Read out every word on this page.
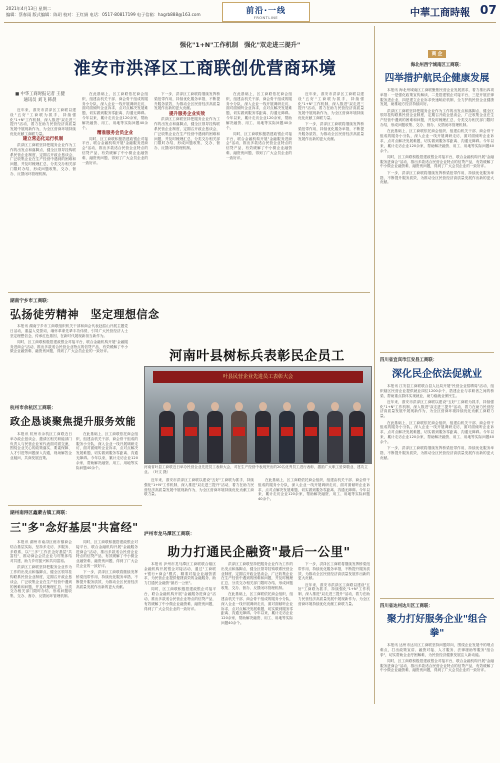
2021年4月13日 星期二
编辑：蔡春雨 版式编辑：陈玥 校对：王红娟 电话：0517-80817199 电子信箱：hagrb888@163.com	前沿·一线
FRONTLINE	中華工商時報 07
强化"1+N"工作机制　强化"双走进三提升"
淮安市洪泽区工商联创优营商环境
■ 中华工商时报记者 王健
通讯员 刘飞 韩晨

近年来，淮安市洪泽区工商联以建设"五好"工商联为抓手，持续强化"1+N"工作机制，深入推进"双走进三提升"活动，着力在助力民营经济高质量发展中展现新作为，为全区营商环境持续优化贡献工商联力量。

建立常态化运行机制

洪泽区工商联坚持把服务企业作为工作的出发点和落脚点，健全区领导挂钩联系民营企业制度，定期召开政企恳谈会，广泛收集企业在生产经营中遇到的困难和问题，并及时梳理汇总，分类交办相关部门限时办结，形成问题收集、交办、督办、反馈闭环管理机制。

在此基础上，区工商联依托商会组织，组建由机关干部、商会骨干组成的服务小分队，深入企业一线开展调研走访，面对面倾听企业诉求，点对点解决发展难题，切实做到服务零距离、沟通无障碍。今年以来，累计走访企业120余家，帮助解决融资、用工、用地等实际问题40余个。

精准服务会员企业

同时，区工商联积极搭建政银企对接平台，联合金融机构开展"金融服务进商会"活动，推出多款适合民营企业特点的信贷产品，有效缓解了中小微企业融资难、融资贵问题，得到了广大会员企业的一致好评。

下一步，洪泽区工商联将继续发挥桥梁纽带作用，持续优化服务举措，不断提升服务质效，为推动全区民营经济高质量发展作出新的更大贡献。

提升服务企业实效

洪泽区工商联坚持把服务企业作为工作的出发点和落脚点，健全区领导挂钩联系民营企业制度，定期召开政企恳谈会，广泛收集企业在生产经营中遇到的困难和问题，并及时梳理汇总，分类交办相关部门限时办结，形成问题收集、交办、督办、反馈闭环管理机制。

在此基础上，区工商联依托商会组织，组建由机关干部、商会骨干组成的服务小分队，深入企业一线开展调研走访，面对面倾听企业诉求，点对点解决发展难题，切实做到服务零距离、沟通无障碍。今年以来，累计走访企业120余家，帮助解决融资、用工、用地等实际问题40余个。

同时，区工商联积极搭建政银企对接平台，联合金融机构开展"金融服务进商会"活动，推出多款适合民营企业特点的信贷产品，有效缓解了中小微企业融资难、融资贵问题，得到了广大会员企业的一致好评。

近年来，淮安市洪泽区工商联以建设"五好"工商联为抓手，持续强化"1+N"工作机制，深入推进"双走进三提升"活动，着力在助力民营经济高质量发展中展现新作为，为全区营商环境持续优化贡献工商联力量。

下一步，洪泽区工商联将继续发挥桥梁纽带作用，持续优化服务举措，不断提升服务质效，为推动全区民营经济高质量发展作出新的更大贡献。

湖南宁乡市工商联：
弘扬徒劳精神　坚定理想信念

本报讯 湖南宁乡市工商联组织机关干部和商会代表赴韶山开展主题党日活动，重温入党誓词，缅怀革命先辈丰功伟绩，引导广大民营经济人士坚定理想信念，传承红色基因，在新时代展现新担当新作为。

同时，区工商联积极搭建政银企对接平台，联合金融机构开展"金融服务进商会"活动，推出多款适合民营企业特点的信贷产品，有效缓解了中小微企业融资难、融资贵问题，得到了广大会员企业的一致好评。	河南叶县树标兵表彰民企员工
叶县民营企业先进员工表彰大会
河南省叶县工商联近日举办民营企业先进员工表彰大会，对在生产经营中表现突出的20名优秀员工进行表彰，激励广大职工爱岗敬业、建功立业。（叶文 摄）
杭州市余杭区工商联：
政企恳谈聚焦提升服务效能

本报讯 杭州市余杭区工商联近日举办政企恳谈会，邀请区相关职能部门负责人与民营企业家代表面对面交流，围绕企业关心的政策落实、要素保障、人才引进等问题深入沟通，现场解答企业疑问，共商发展良策。

在此基础上，区工商联依托商会组织，组建由机关干部、商会骨干组成的服务小分队，深入企业一线开展调研走访，面对面倾听企业诉求，点对点解决发展难题，切实做到服务零距离、沟通无障碍。今年以来，累计走访企业120余家，帮助解决融资、用工、用地等实际问题40余个。

湖州南浔区鑫蒙古镇工商联：
三"多"念好基层"共富经"

本报讯 湖州市南浔区练市镇商会结合基层实际，坚持多走访、多服务、多联系，以"三多"工作法念好基层"共富经"，推动商会会员企业与村集体结对共建，助力乡村振兴和共同富裕。

洪泽区工商联坚持把服务企业作为工作的出发点和落脚点，健全区领导挂钩联系民营企业制度，定期召开政企恳谈会，广泛收集企业在生产经营中遇到的困难和问题，并及时梳理汇总，分类交办相关部门限时办结，形成问题收集、交办、督办、反馈闭环管理机制。

同时，区工商联积极搭建政银企对接平台，联合金融机构开展"金融服务进商会"活动，推出多款适合民营企业特点的信贷产品，有效缓解了中小微企业融资难、融资贵问题，得到了广大会员企业的一致好评。

下一步，洪泽区工商联将继续发挥桥梁纽带作用，持续优化服务举措，不断提升服务质效，为推动全区民营经济高质量发展作出新的更大贡献。

近年来，淮安市洪泽区工商联以建设"五好"工商联为抓手，持续强化"1+N"工作机制，深入推进"双走进三提升"活动，着力在助力民营经济高质量发展中展现新作为，为全区营商环境持续优化贡献工商联力量。

在此基础上，区工商联依托商会组织，组建由机关干部、商会骨干组成的服务小分队，深入企业一线开展调研走访，面对面倾听企业诉求，点对点解决发展难题，切实做到服务零距离、沟通无障碍。今年以来，累计走访企业120余家，帮助解决融资、用工、用地等实际问题40余个。

泸州市龙马潭区工商联：
助力打通民企融资"最后一公里"

本报讯 泸州市龙马潭区工商联联合辖区金融机构开展银企对接活动，通过"工商联+银行+商会"模式，精准对接企业融资需求，为民营企业提供便捷高效的金融服务，助力打通民企融资"最后一公里"。

同时，区工商联积极搭建政银企对接平台，联合金融机构开展"金融服务进商会"活动，推出多款适合民营企业特点的信贷产品，有效缓解了中小微企业融资难、融资贵问题，得到了广大会员企业的一致好评。

洪泽区工商联坚持把服务企业作为工作的出发点和落脚点，健全区领导挂钩联系民营企业制度，定期召开政企恳谈会，广泛收集企业在生产经营中遇到的困难和问题，并及时梳理汇总，分类交办相关部门限时办结，形成问题收集、交办、督办、反馈闭环管理机制。

在此基础上，区工商联依托商会组织，组建由机关干部、商会骨干组成的服务小分队，深入企业一线开展调研走访，面对面倾听企业诉求，点对点解决发展难题，切实做到服务零距离、沟通无障碍。今年以来，累计走访企业120余家，帮助解决融资、用工、用地等实际问题40余个。

下一步，洪泽区工商联将继续发挥桥梁纽带作用，持续优化服务举措，不断提升服务质效，为推动全区民营经济高质量发展作出新的更大贡献。

近年来，淮安市洪泽区工商联以建设"五好"工商联为抓手，持续强化"1+N"工作机制，深入推进"双走进三提升"活动，着力在助力民营经济高质量发展中展现新作为，为全区营商环境持续优化贡献工商联力量。

商 企
海北州西宁城南区工商联：
四举措护航民企健康发展

本报讯 海北州城南区工商联聚焦民营企业发展需求，着力推出四项举措：一是强化政策宣传解读，二是搭建银企对接平台，三是开展法律服务进企业，四是建立企业诉求快速响应机制，全力护航民营企业健康发展，助推地方经济持续向好。

洪泽区工商联坚持把服务企业作为工作的出发点和落脚点，健全区领导挂钩联系民营企业制度，定期召开政企恳谈会，广泛收集企业在生产经营中遇到的困难和问题，并及时梳理汇总，分类交办相关部门限时办结，形成问题收集、交办、督办、反馈闭环管理机制。

在此基础上，区工商联依托商会组织，组建由机关干部、商会骨干组成的服务小分队，深入企业一线开展调研走访，面对面倾听企业诉求，点对点解决发展难题，切实做到服务零距离、沟通无障碍。今年以来，累计走访企业120余家，帮助解决融资、用工、用地等实际问题40余个。

同时，区工商联积极搭建政银企对接平台，联合金融机构开展"金融服务进商会"活动，推出多款适合民营企业特点的信贷产品，有效缓解了中小微企业融资难、融资贵问题，得到了广大会员企业的一致好评。

下一步，洪泽区工商联将继续发挥桥梁纽带作用，持续优化服务举措，不断提升服务质效，为推动全区民营经济高质量发展作出新的更大贡献。

四川省宜宾市江安县工商联：
深化民企依法促就业

本报讯 江安县工商联联合县人社局开展"民营企业招聘周"活动，组织辖区民营企业提供就业岗位1200余个，搭建企业与求职者之间的桥梁，帮助重点群体实现就业，助力稳就业保民生。

近年来，淮安市洪泽区工商联以建设"五好"工商联为抓手，持续强化"1+N"工作机制，深入推进"双走进三提升"活动，着力在助力民营经济高质量发展中展现新作为，为全区营商环境持续优化贡献工商联力量。

在此基础上，区工商联依托商会组织，组建由机关干部、商会骨干组成的服务小分队，深入企业一线开展调研走访，面对面倾听企业诉求，点对点解决发展难题，切实做到服务零距离、沟通无障碍。今年以来，累计走访企业120余家，帮助解决融资、用工、用地等实际问题40余个。

下一步，洪泽区工商联将继续发挥桥梁纽带作用，持续优化服务举措，不断提升服务质效，为推动全区民营经济高质量发展作出新的更大贡献。

四川省达州达川区工商联：
聚力打好服务企业"组合拳"

本报讯 达州市达川区工商联坚持问题导向，围绕企业发展中的堵点难点，打出政策宣讲、融资对接、人才服务、法律援助等服务"组合拳"，切实帮助企业纾困解难，为民营经济健康发展注入新动能。

同时，区工商联积极搭建政银企对接平台，联合金融机构开展"金融服务进商会"活动，推出多款适合民营企业特点的信贷产品，有效缓解了中小微企业融资难、融资贵问题，得到了广大会员企业的一致好评。
